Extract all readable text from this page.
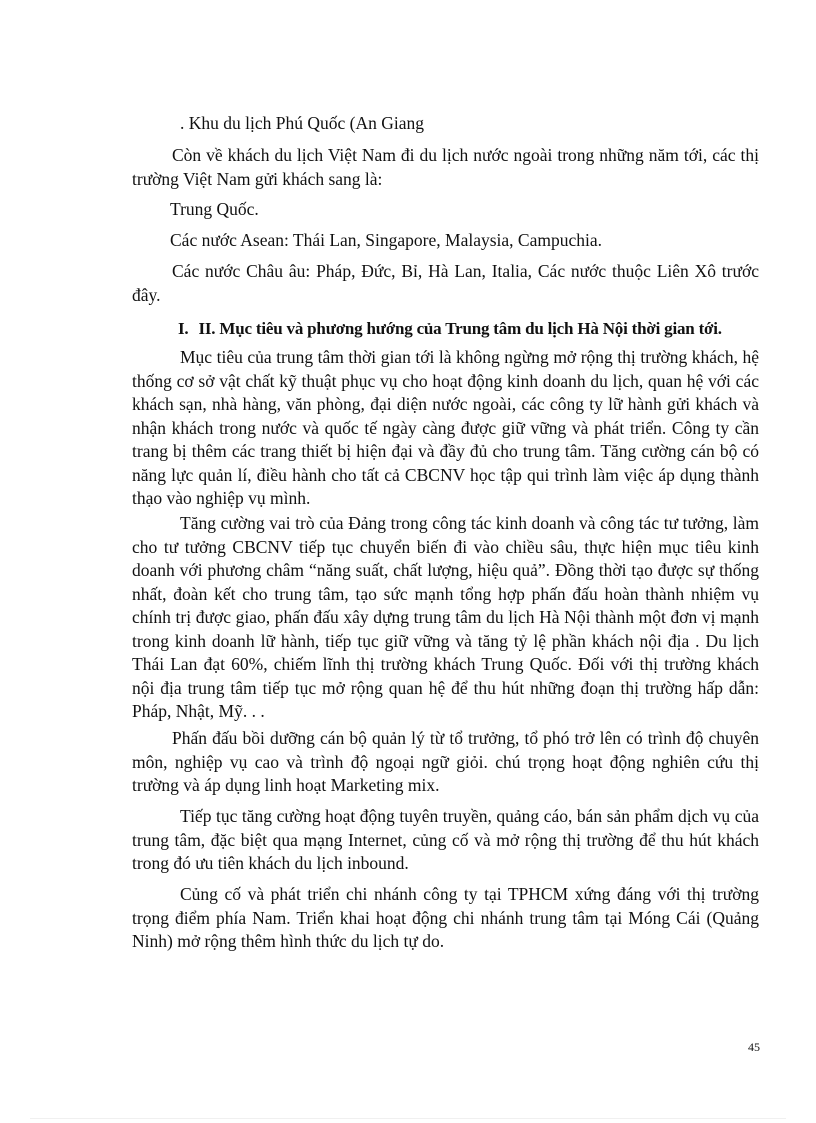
. Khu du lịch Phú Quốc (An Giang
Còn về khách du lịch Việt Nam đi du lịch nước ngoài trong những năm tới, các thị trường Việt Nam gửi khách sang là:
Trung Quốc.
Các nước Asean: Thái Lan, Singapore, Malaysia, Campuchia.
Các nước Châu âu: Pháp, Đức, Bỉ, Hà Lan, Italia, Các nước thuộc Liên Xô trước đây.
I. II. Mục tiêu và phương hướng của Trung tâm du lịch Hà Nội thời gian tới.
Mục tiêu của trung tâm thời gian tới là không ngừng mở rộng thị trường khách, hệ thống cơ sở vật chất kỹ thuật phục vụ cho hoạt động kinh doanh du lịch, quan hệ với các khách sạn, nhà hàng, văn phòng, đại diện nước ngoài, các công ty lữ hành gửi khách và nhận khách trong nước và quốc tế ngày càng được giữ vững và phát triển. Công ty cần trang bị thêm các trang thiết bị hiện đại và đầy đủ cho trung tâm. Tăng cường cán bộ có năng lực quản lí, điều hành cho tất cả CBCNV học tập qui trình làm việc áp dụng thành thạo vào nghiệp vụ mình.
Tăng cường vai trò của Đảng trong công tác kinh doanh và công tác tư tưởng, làm cho tư tưởng CBCNV tiếp tục chuyển biến đi vào chiều sâu, thực hiện mục tiêu kinh doanh với phương châm “năng suất, chất lượng, hiệu quả”. Đồng thời tạo được sự thống nhất, đoàn kết cho trung tâm, tạo sức mạnh tổng hợp phấn đấu hoàn thành nhiệm vụ chính trị được giao, phấn đấu xây dựng trung tâm du lịch Hà Nội thành một đơn vị mạnh trong kinh doanh lữ hành, tiếp tục giữ vững và tăng tỷ lệ phần khách nội địa . Du lịch Thái Lan đạt 60%, chiếm lĩnh thị trường khách Trung Quốc. Đối với thị trường khách nội địa trung tâm tiếp tục mở rộng quan hệ để thu hút những đoạn thị trường hấp dẫn: Pháp, Nhật, Mỹ. . .
Phấn đấu bồi dưỡng cán bộ quản lý từ tổ trưởng, tổ phó trở lên có trình độ chuyên môn, nghiệp vụ cao và trình độ ngoại ngữ giỏi. chú trọng hoạt động nghiên cứu thị trường và áp dụng linh hoạt Marketing mix.
Tiếp tục tăng cường hoạt động tuyên truyền, quảng cáo, bán sản phẩm dịch vụ của trung tâm, đặc biệt qua mạng Internet, củng cố và mở rộng thị trường để thu hút khách trong đó ưu tiên khách du lịch inbound.
Củng cố và phát triển chi nhánh công ty tại TPHCM xứng đáng với thị trường trọng điểm phía Nam. Triển khai hoạt động chi nhánh trung tâm tại Móng Cái (Quảng Ninh) mở rộng thêm hình thức du lịch tự do.
45
